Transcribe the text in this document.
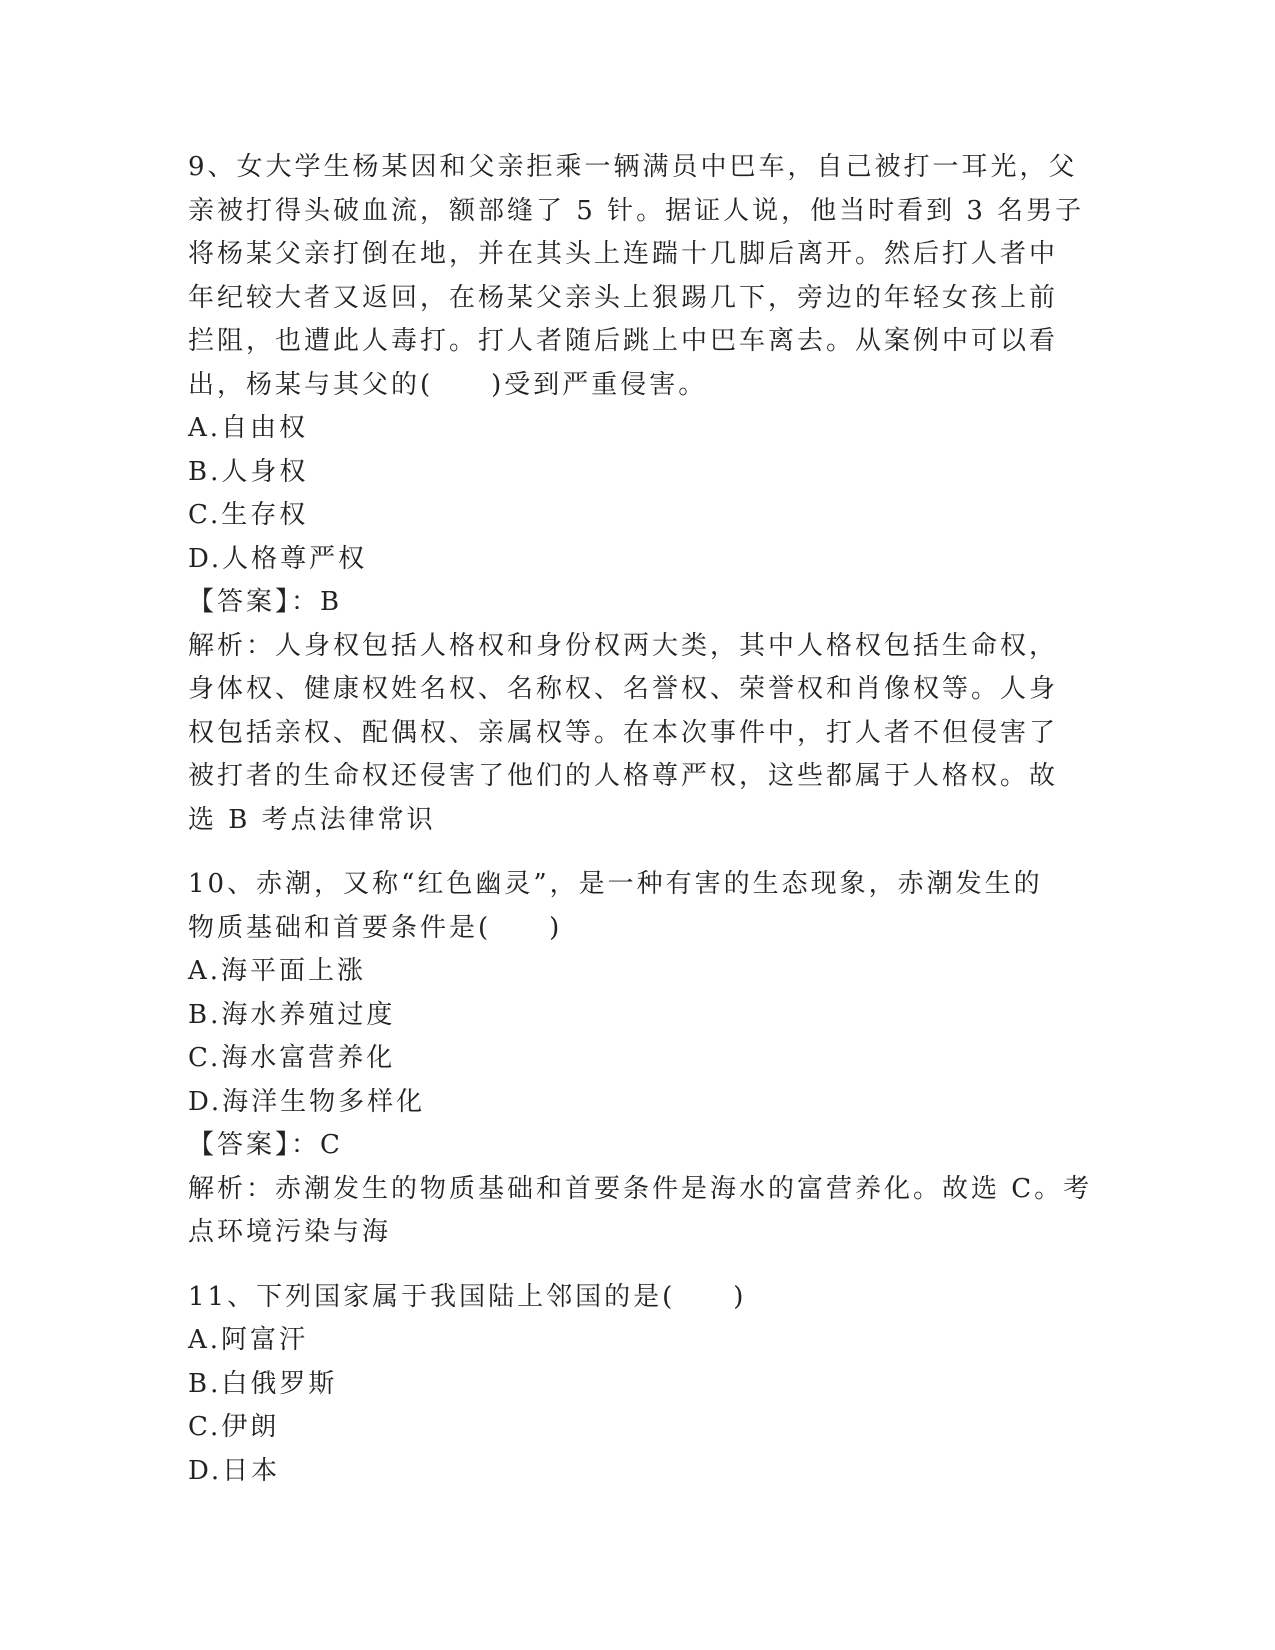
9、女大学生杨某因和父亲拒乘一辆满员中巴车，自己被打一耳光，父
亲被打得头破血流，额部缝了 5 针。据证人说，他当时看到 3 名男子
将杨某父亲打倒在地，并在其头上连踹十几脚后离开。然后打人者中
年纪较大者又返回，在杨某父亲头上狠踢几下，旁边的年轻女孩上前
拦阻，也遭此人毒打。打人者随后跳上中巴车离去。从案例中可以看
出，杨某与其父的(　　)受到严重侵害。
A.自由权
B.人身权
C.生存权
D.人格尊严权
【答案】：B
解析：人身权包括人格权和身份权两大类，其中人格权包括生命权，
身体权、健康权姓名权、名称权、名誉权、荣誉权和肖像权等。人身
权包括亲权、配偶权、亲属权等。在本次事件中，打人者不但侵害了
被打者的生命权还侵害了他们的人格尊严权，这些都属于人格权。故
选 B 考点法律常识
10、赤潮，又称“红色幽灵”，是一种有害的生态现象，赤潮发生的
物质基础和首要条件是(　　)
A.海平面上涨
B.海水养殖过度
C.海水富营养化
D.海洋生物多样化
【答案】：C
解析：赤潮发生的物质基础和首要条件是海水的富营养化。故选 C。考
点环境污染与海
11、下列国家属于我国陆上邻国的是(　　)
A.阿富汗
B.白俄罗斯
C.伊朗
D.日本
